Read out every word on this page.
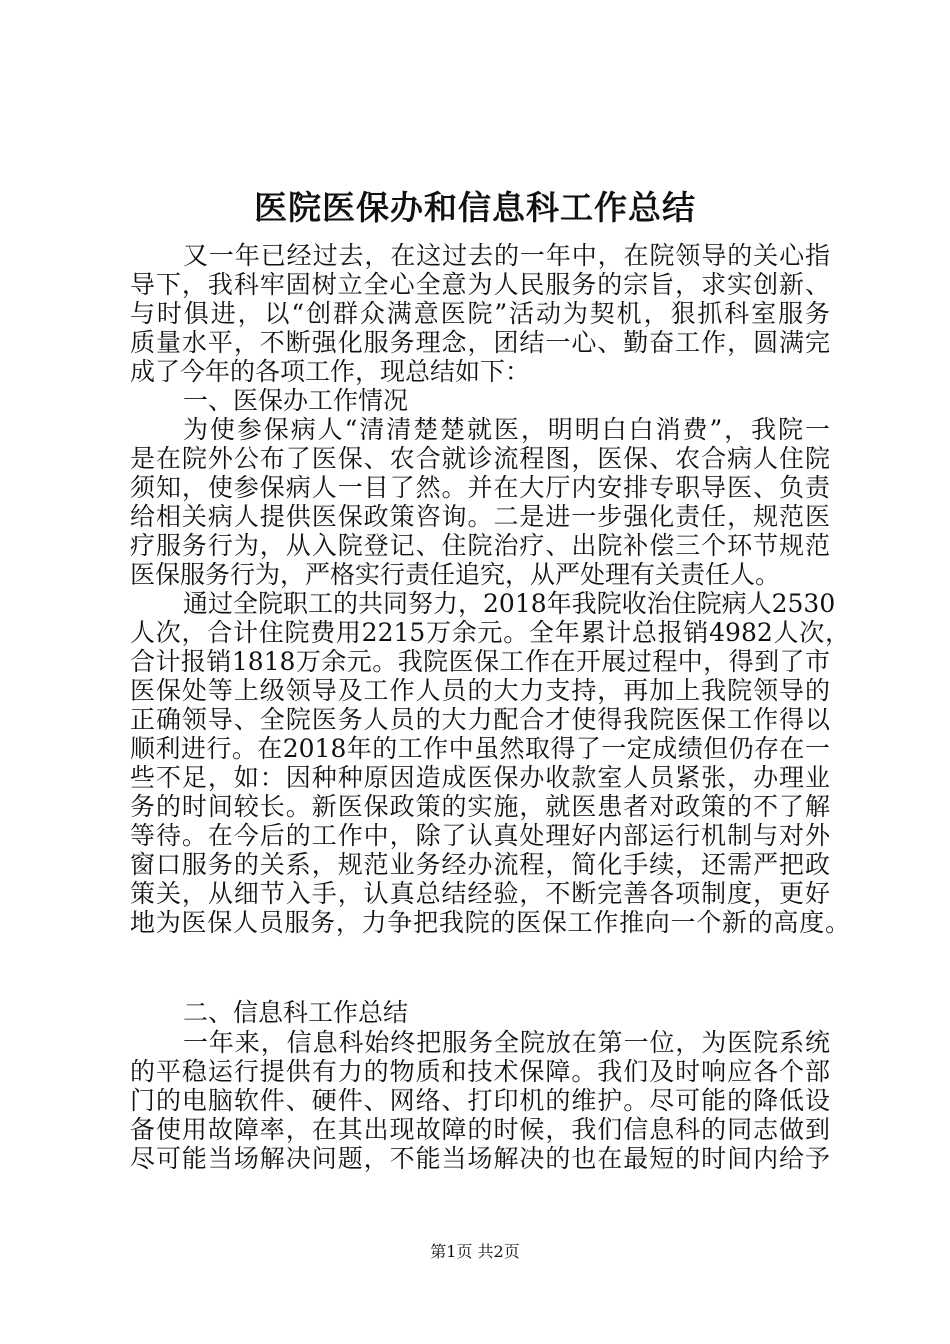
医院医保办和信息科工作总结

又一年已经过去，在这过去的一年中，在院领导的关心指

导下，我科牢固树立全心全意为人民服务的宗旨，求实创新、

与时俱进，以“创群众满意医院”活动为契机，狠抓科室服务

质量水平，不断强化服务理念，团结一心、勤奋工作，圆满完

成了今年的各项工作，现总结如下：

一、医保办工作情况

为使参保病人“清清楚楚就医，明明白白消费”，我院一

是在院外公布了医保、农合就诊流程图，医保、农合病人住院

须知，使参保病人一目了然。并在大厅内安排专职导医、负责

给相关病人提供医保政策咨询。二是进一步强化责任，规范医

疗服务行为，从入院登记、住院治疗、出院补偿三个环节规范

医保服务行为，严格实行责任追究，从严处理有关责任人。

通过全院职工的共同努力，2018年我院收治住院病人2530

人次，合计住院费用2215万余元。全年累计总报销4982人次，

合计报销1818万余元。我院医保工作在开展过程中，得到了市

医保处等上级领导及工作人员的大力支持，再加上我院领导的

正确领导、全院医务人员的大力配合才使得我院医保工作得以

顺利进行。在2018年的工作中虽然取得了一定成绩但仍存在一

些不足，如：因种种原因造成医保办收款室人员紧张，办理业

务的时间较长。新医保政策的实施，就医患者对政策的不了解

等待。在今后的工作中，除了认真处理好内部运行机制与对外

窗口服务的关系，规范业务经办流程，简化手续，还需严把政

策关，从细节入手，认真总结经验，不断完善各项制度，更好

地为医保人员服务，力争把我院的医保工作推向一个新的高度。

二、信息科工作总结

一年来，信息科始终把服务全院放在第一位，为医院系统

的平稳运行提供有力的物质和技术保障。我们及时响应各个部

门的电脑软件、硬件、网络、打印机的维护。尽可能的降低设

备使用故障率，在其出现故障的时候，我们信息科的同志做到

尽可能当场解决问题，不能当场解决的也在最短的时间内给予

第1页 共2页
